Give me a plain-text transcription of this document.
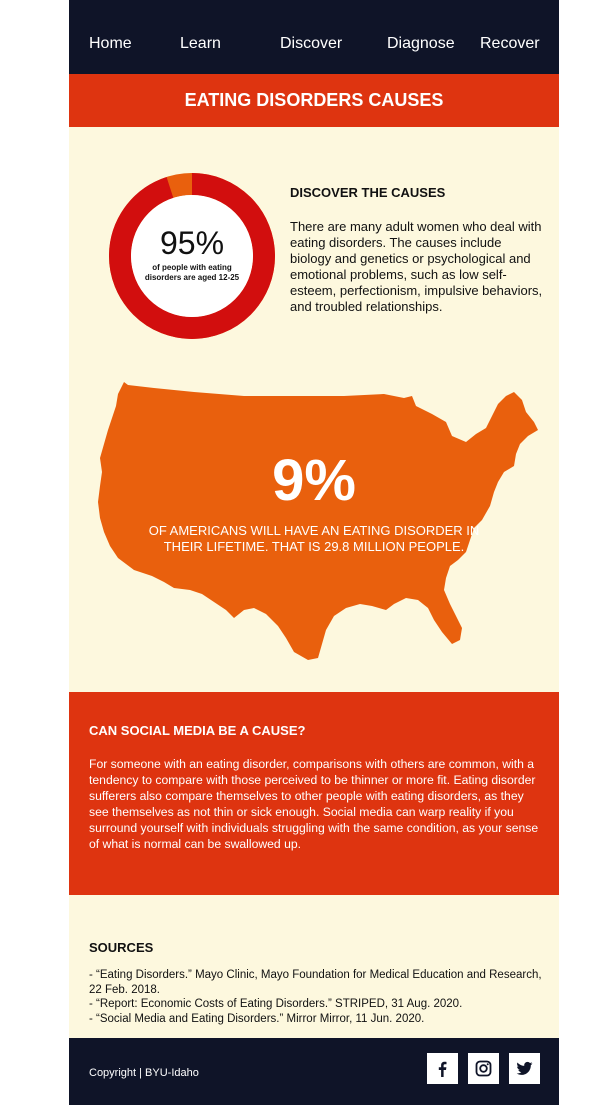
Home	Learn	Discover	Diagnose Recover
EATING DISORDERS CAUSES
95%
of people with eating disorders are aged 12-25
DISCOVER THE CAUSES
There are many adult women who deal with eating disorders. The causes include biology and genetics or psychological and emotional problems, such as low self-esteem, perfectionism, impulsive behaviors, and troubled relationships.
9%
OF AMERICANS WILL HAVE AN EATING DISORDER IN THEIR LIFETIME. THAT IS 29.8 MILLION PEOPLE.
CAN SOCIAL MEDIA BE A CAUSE?
For someone with an eating disorder, comparisons with others are common, with a tendency to compare with those perceived to be thinner or more fit. Eating disorder sufferers also compare themselves to other people with eating disorders, as they see themselves as not thin or sick enough. Social media can warp reality if you surround yourself with individuals struggling with the same condition, as your sense of what is normal can be swallowed up.
SOURCES
- “Eating Disorders.” Mayo Clinic, Mayo Foundation for Medical Education and Research, 22 Feb. 2018.
- “Report: Economic Costs of Eating Disorders.” STRIPED, 31 Aug. 2020.
- “Social Media and Eating Disorders.” Mirror Mirror, 11 Jun. 2020.
Copyright | BYU-Idaho
